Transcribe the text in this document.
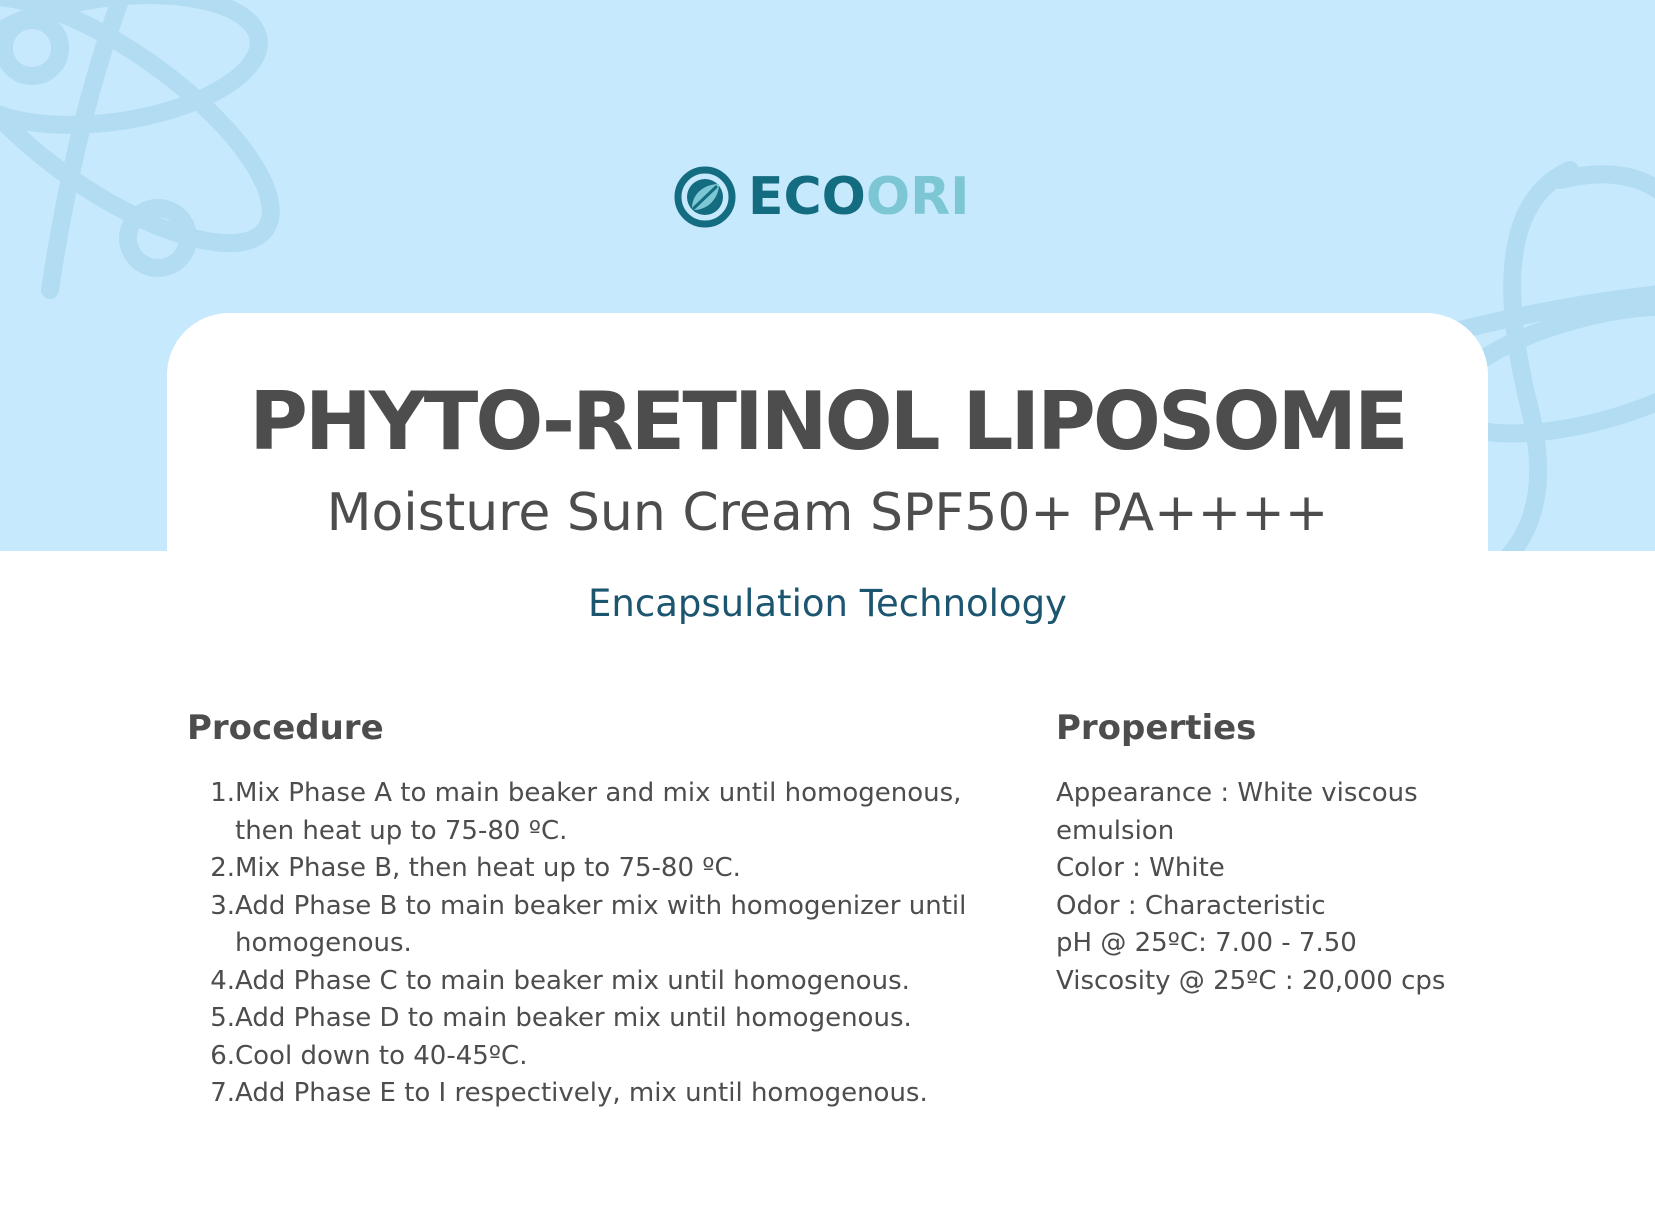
ECOORI
PHYTO-RETINOL LIPOSOME
Moisture Sun Cream SPF50+ PA++++
Encapsulation Technology
Procedure
1. Mix Phase A to main beaker and mix until homogenous, then heat up to 75-80 ºC.
2. Mix Phase B, then heat up to 75-80 ºC.
3. Add Phase B to main beaker mix with homogenizer until homogenous.
4. Add Phase C to main beaker mix until homogenous.
5. Add Phase D to main beaker mix until homogenous.
6. Cool down to 40-45ºC.
7. Add Phase E to I respectively, mix until homogenous.
Properties
Appearance : White viscous emulsion
Color : White
Odor : Characteristic
pH @ 25ºC: 7.00 - 7.50
Viscosity @ 25ºC : 20,000 cps
